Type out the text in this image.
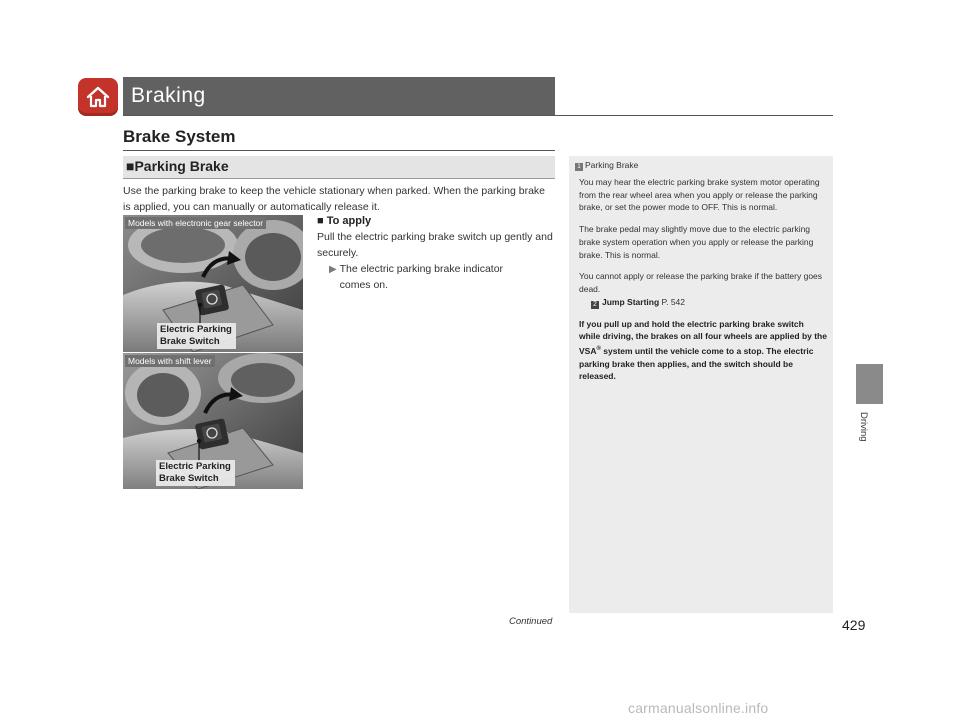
Braking
Brake System
■Parking Brake
Use the parking brake to keep the vehicle stationary when parked. When the parking brake is applied, you can manually or automatically release it.
Models with electronic gear selector
Electric Parking
Brake Switch
Models with shift lever
Electric Parking
Brake Switch
■ To apply
Pull the electric parking brake switch up gently and securely.
▶ The electric parking brake indicator comes on.
1 Parking Brake

You may hear the electric parking brake system motor operating from the rear wheel area when you apply or release the parking brake, or set the power mode to OFF. This is normal.

The brake pedal may slightly move due to the electric parking brake system operation when you apply or release the parking brake. This is normal.

You cannot apply or release the parking brake if the battery goes dead.

2 Jump Starting P. 542

If you pull up and hold the electric parking brake switch while driving, the brakes on all four wheels are applied by the VSA® system until the vehicle come to a stop. The electric parking brake then applies, and the switch should be released.

Driving
Continued	429
carmanualsonline.info
